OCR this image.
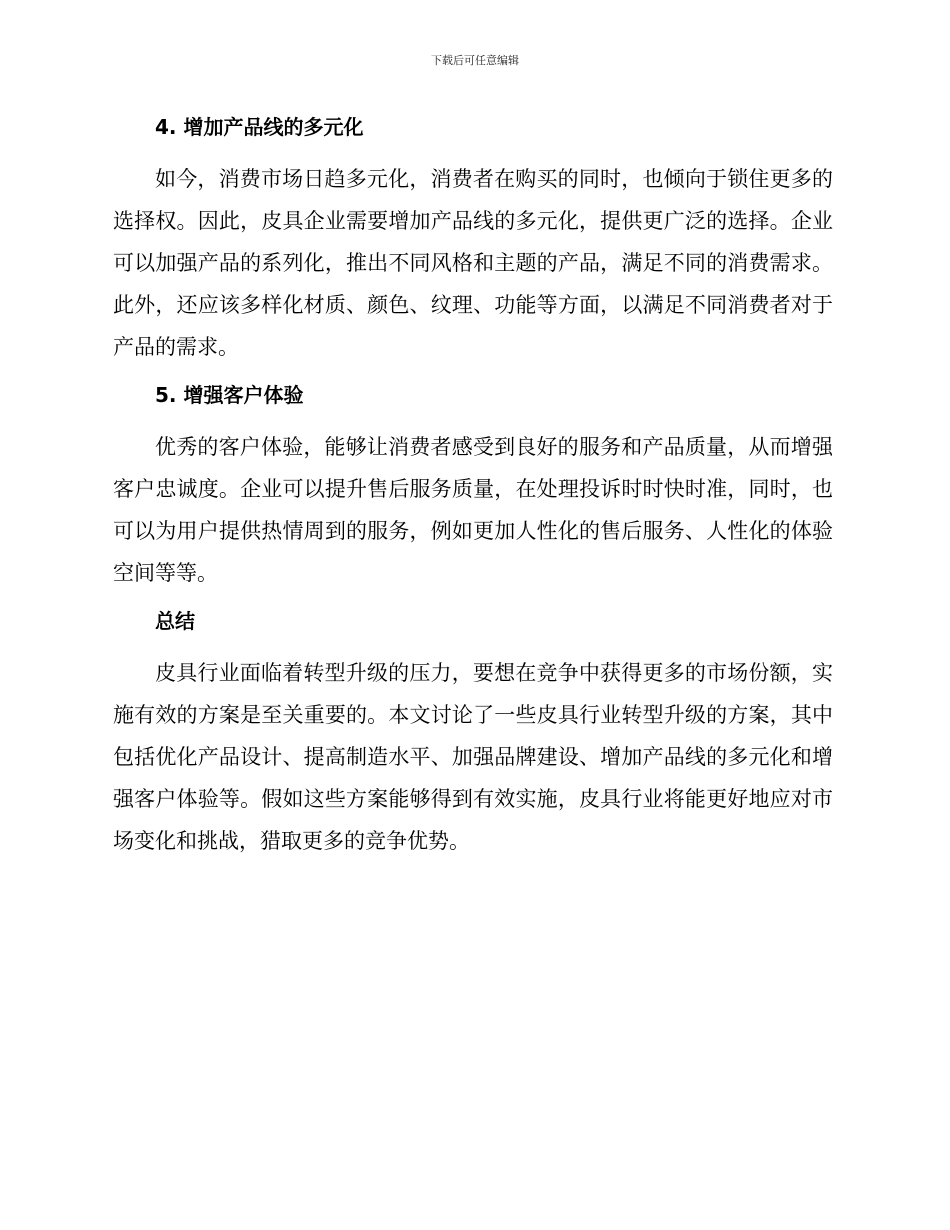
下载后可任意编辑
4. 增加产品线的多元化

如今，消费市场日趋多元化，消费者在购买的同时，也倾向于锁住更多的选择权。因此，皮具企业需要增加产品线的多元化，提供更广泛的选择。企业可以加强产品的系列化，推出不同风格和主题的产品，满足不同的消费需求。此外，还应该多样化材质、颜色、纹理、功能等方面，以满足不同消费者对于产品的需求。

5. 增强客户体验

优秀的客户体验，能够让消费者感受到良好的服务和产品质量，从而增强客户忠诚度。企业可以提升售后服务质量，在处理投诉时时快时准，同时，也可以为用户提供热情周到的服务，例如更加人性化的售后服务、人性化的体验空间等等。

总结

皮具行业面临着转型升级的压力，要想在竞争中获得更多的市场份额，实施有效的方案是至关重要的。本文讨论了一些皮具行业转型升级的方案，其中包括优化产品设计、提高制造水平、加强品牌建设、增加产品线的多元化和增强客户体验等。假如这些方案能够得到有效实施，皮具行业将能更好地应对市场变化和挑战，猎取更多的竞争优势。
